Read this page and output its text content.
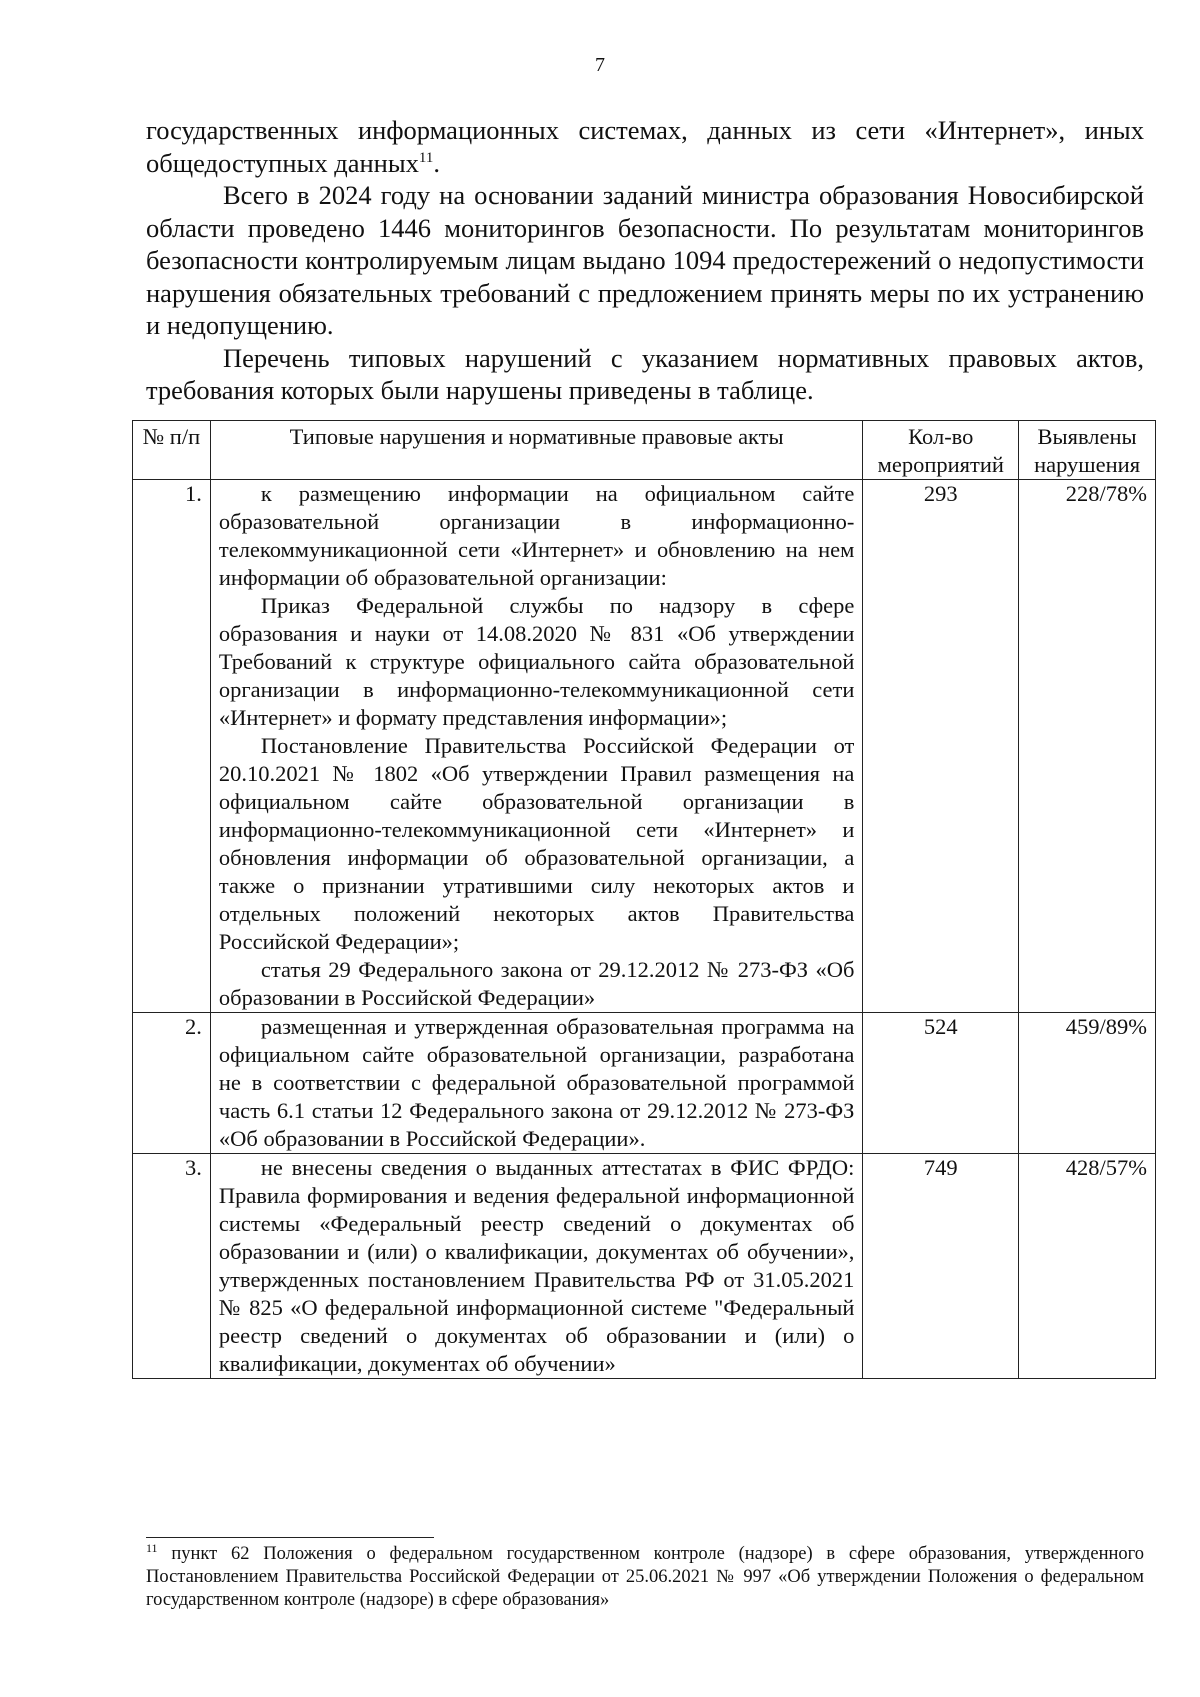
7

государственных информационных системах, данных из сети «Интернет», иных общедоступных данных$^{11}$.

Всего в 2024 году на основании заданий министра образования Новосибирской области проведено 1446 мониторингов безопасности. По результатам мониторингов безопасности контролируемым лицам выдано 1094 предостережений о недопустимости нарушения обязательных требований с предложением принять меры по их устранению и недопущению.

Перечень типовых нарушений с указанием нормативных правовых актов, требования которых были нарушены приведены в таблице.

№ п/п	Типовые нарушения и нормативные правовые акты	Кол-во мероприятий	Выявлены нарушения
1.	к размещению информации на официальном сайте образовательной организации в информационно-телекоммуникационной сети «Интернет» и обновлению на нем информации об образовательной организации:

Приказ Федеральной службы по надзору в сфере образования и науки от 14.08.2020 № 831 «Об утверждении Требований к структуре официального сайта образовательной организации в информационно-телекоммуникационной сети «Интернет» и формату представления информации»;

Постановление Правительства Российской Федерации от 20.10.2021 № 1802 «Об утверждении Правил размещения на официальном сайте образовательной организации в информационно-телекоммуникационной сети «Интернет» и обновления информации об образовательной организации, а также о признании утратившими силу некоторых актов и отдельных положений некоторых актов Правительства Российской Федерации»;

статья 29 Федерального закона от 29.12.2012 № 273-ФЗ «Об образовании в Российской Федерации»	293	228/78%
2.	размещенная и утвержденная образовательная программа на официальном сайте образовательной организации, разработана не в соответствии с федеральной образовательной программой часть 6.1 статьи 12 Федерального закона от 29.12.2012 № 273-ФЗ «Об образовании в Российской Федерации».	524	459/89%
3.	не внесены сведения о выданных аттестатах в ФИС ФРДО: Правила формирования и ведения федеральной информационной системы «Федеральный реестр сведений о документах об образовании и (или) о квалификации, документах об обучении», утвержденных постановлением Правительства РФ от 31.05.2021 № 825 «О федеральной информационной системе "Федеральный реестр сведений о документах об образовании и (или) о квалификации, документах об обучении»	749	428/57%

$^{11}$ пункт 62 Положения о федеральном государственном контроле (надзоре) в сфере образования, утвержденного Постановлением Правительства Российской Федерации от 25.06.2021 № 997 «Об утверждении Положения о федеральном государственном контроле (надзоре) в сфере образования»
